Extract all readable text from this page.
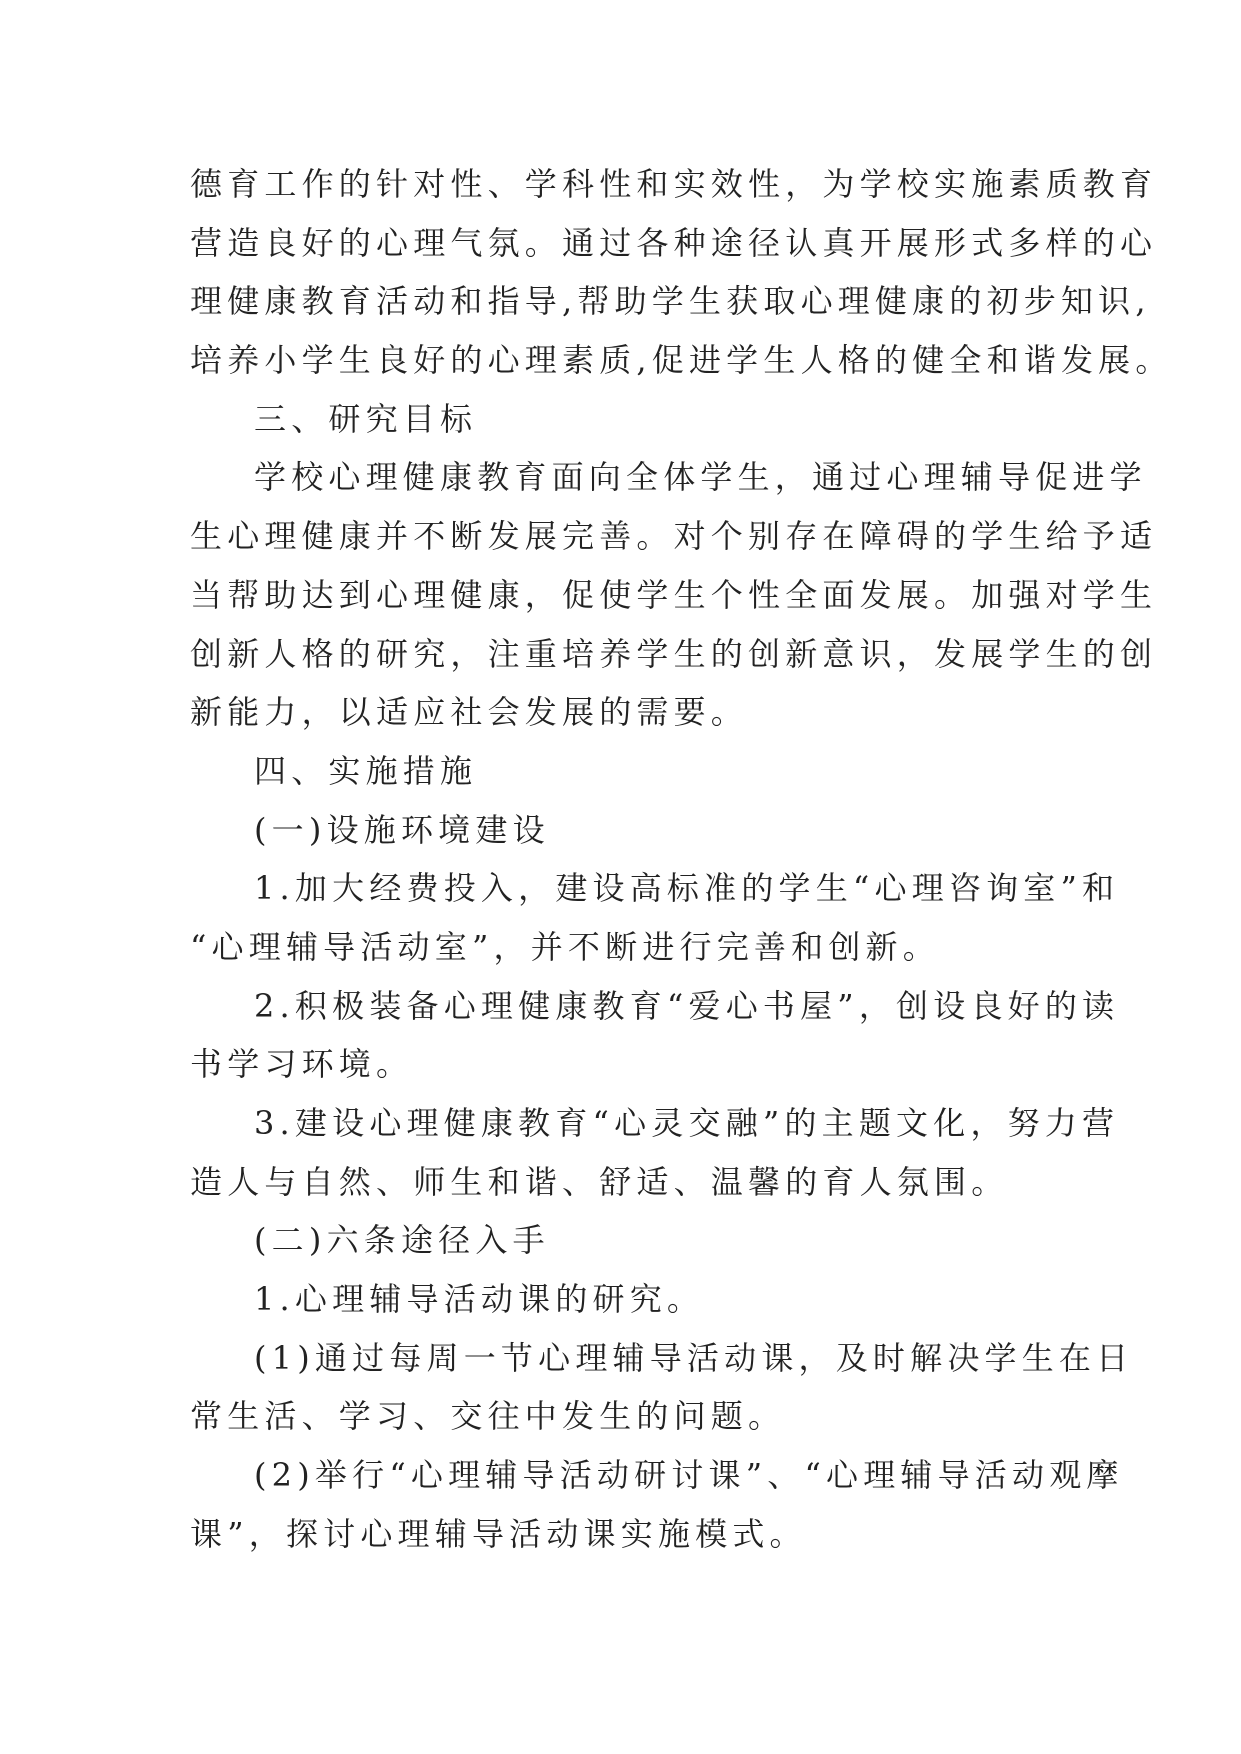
德育工作的针对性、学科性和实效性，为学校实施素质教育
营造良好的心理气氛。通过各种途径认真开展形式多样的心
理健康教育活动和指导,帮助学生获取心理健康的初步知识,
培养小学生良好的心理素质,促进学生人格的健全和谐发展。
三、研究目标
学校心理健康教育面向全体学生，通过心理辅导促进学
生心理健康并不断发展完善。对个别存在障碍的学生给予适
当帮助达到心理健康，促使学生个性全面发展。加强对学生
创新人格的研究，注重培养学生的创新意识，发展学生的创
新能力，以适应社会发展的需要。
四、实施措施
(一)设施环境建设
1.加大经费投入，建设高标准的学生“心理咨询室”和
“心理辅导活动室”，并不断进行完善和创新。
2.积极装备心理健康教育“爱心书屋”，创设良好的读
书学习环境。
3.建设心理健康教育“心灵交融”的主题文化，努力营
造人与自然、师生和谐、舒适、温馨的育人氛围。
(二)六条途径入手
1.心理辅导活动课的研究。
(1)通过每周一节心理辅导活动课，及时解决学生在日
常生活、学习、交往中发生的问题。
(2)举行“心理辅导活动研讨课”、“心理辅导活动观摩
课”，探讨心理辅导活动课实施模式。
